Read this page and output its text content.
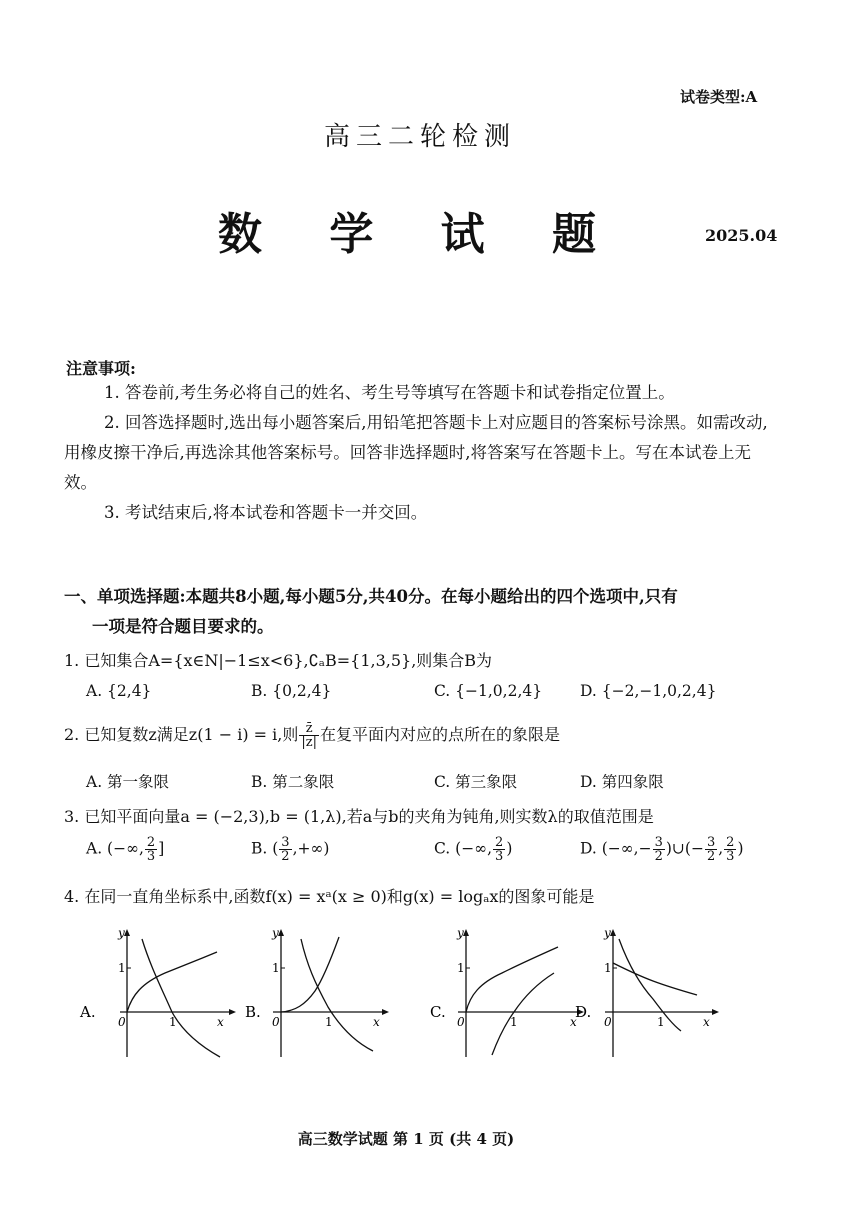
试卷类型:A
高三二轮检测
数 学 试 题	2025.04
注意事项:
1. 答卷前,考生务必将自己的姓名、考生号等填写在答题卡和试卷指定位置上。
2. 回答选择题时,选出每小题答案后,用铅笔把答题卡上对应题目的答案标号涂黑。如需改动,用橡皮擦干净后,再选涂其他答案标号。回答非选择题时,将答案写在答题卡上。写在本试卷上无效。
3. 考试结束后,将本试卷和答题卡一并交回。
一、单项选择题:本题共8小题,每小题5分,共40分。在每小题给出的四个选项中,只有
一项是符合题目要求的。
1. 已知集合A={x∈N|−1≤x<6},∁ₐB={1,3,5},则集合B为
A. {2,4}	B. {0,2,4}	C. {−1,0,2,4} D. {−2,−1,0,2,4}
2. 已知复数z满足z(1 − i) = i,则 $\frac{z̄}{|z|}$ 在复平面内对应的点所在的象限是
A. 第一象限	B. 第二象限	C. 第三象限	D. 第四象限
3. 已知平面向量a = (−2,3),b = (1,λ),若a与b的夹角为钝角,则实数λ的取值范围是
A. (−∞, $\frac{2}{3}$ ]	B. ( $\frac{3}{2}$ ,+∞)	C. (−∞, $\frac{2}{3}$ )	D. (−∞,− $\frac{3}{2}$ )∪(− $\frac{3}{2}$ , $\frac{2}{3}$ )
4. 在同一直角坐标系中,函数f(x) = xᵃ(x ≥ 0)和g(x) = logₐx的图象可能是
A.
y
1
0	1	x
B.
y
1
0	1	x
C.
y
1
0	1	x
D.
y
1
0	1	x
高三数学试题 第 1 页 (共 4 页)
